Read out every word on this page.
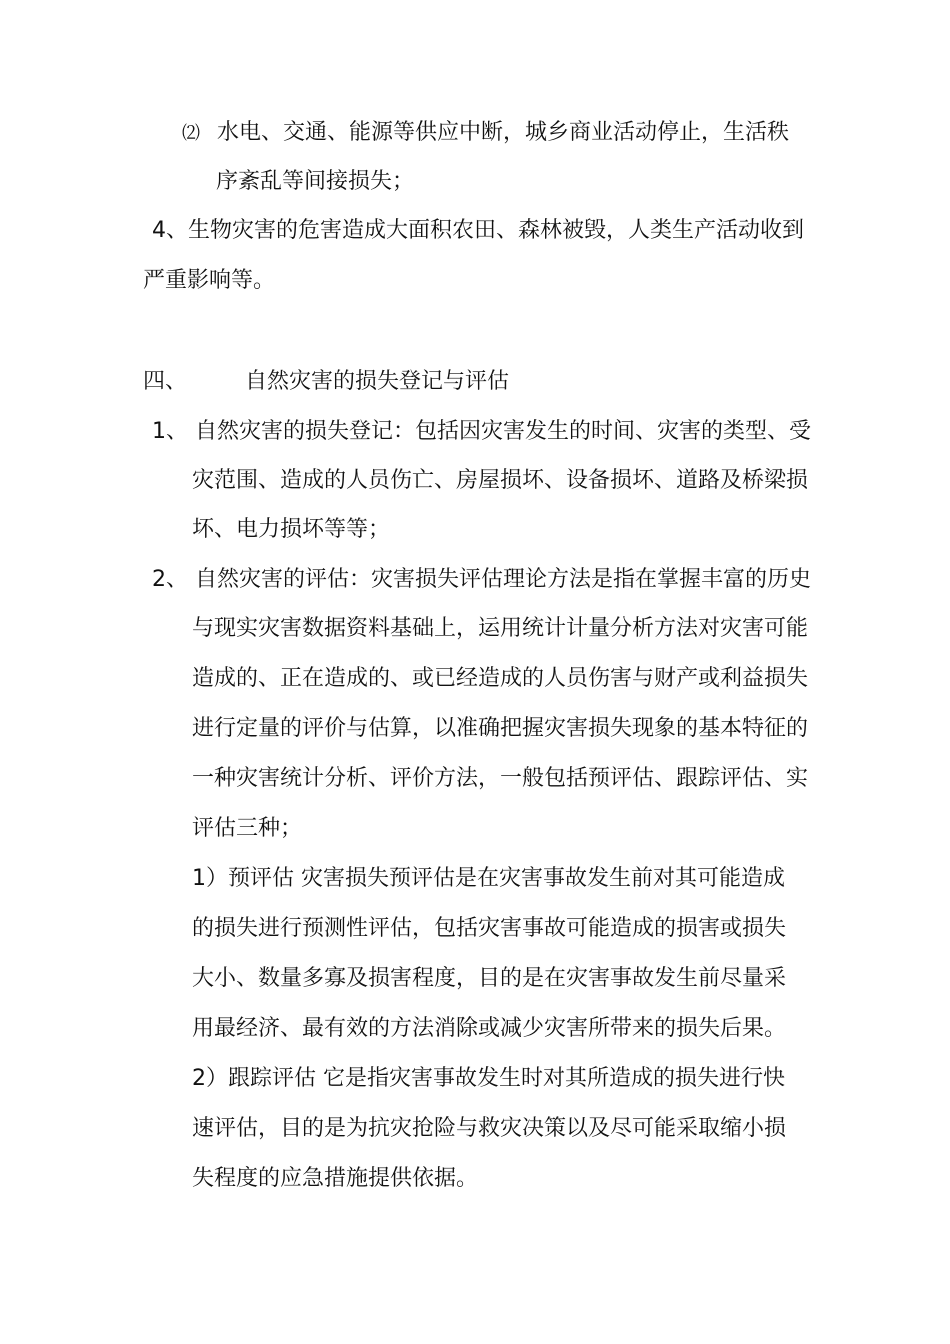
⑵ 水电、交通、能源等供应中断，城乡商业活动停止，生活秩
序紊乱等间接损失；
4、生物灾害的危害造成大面积农田、森林被毁，人类生产活动收到
严重影响等。
四、	自然灾害的损失登记与评估
1、 自然灾害的损失登记：包括因灾害发生的时间、灾害的类型、受
灾范围、造成的人员伤亡、房屋损坏、设备损坏、道路及桥梁损
坏、电力损坏等等；
2、 自然灾害的评估：灾害损失评估理论方法是指在掌握丰富的历史
与现实灾害数据资料基础上，运用统计计量分析方法对灾害可能
造成的、正在造成的、或已经造成的人员伤害与财产或利益损失
进行定量的评价与估算，以准确把握灾害损失现象的基本特征的
一种灾害统计分析、评价方法，一般包括预评估、跟踪评估、实
评估三种；
1）预评估 灾害损失预评估是在灾害事故发生前对其可能造成
的损失进行预测性评估，包括灾害事故可能造成的损害或损失
大小、数量多寡及损害程度，目的是在灾害事故发生前尽量采
用最经济、最有效的方法消除或减少灾害所带来的损失后果。
2）跟踪评估 它是指灾害事故发生时对其所造成的损失进行快
速评估，目的是为抗灾抢险与救灾决策以及尽可能采取缩小损
失程度的应急措施提供依据。
